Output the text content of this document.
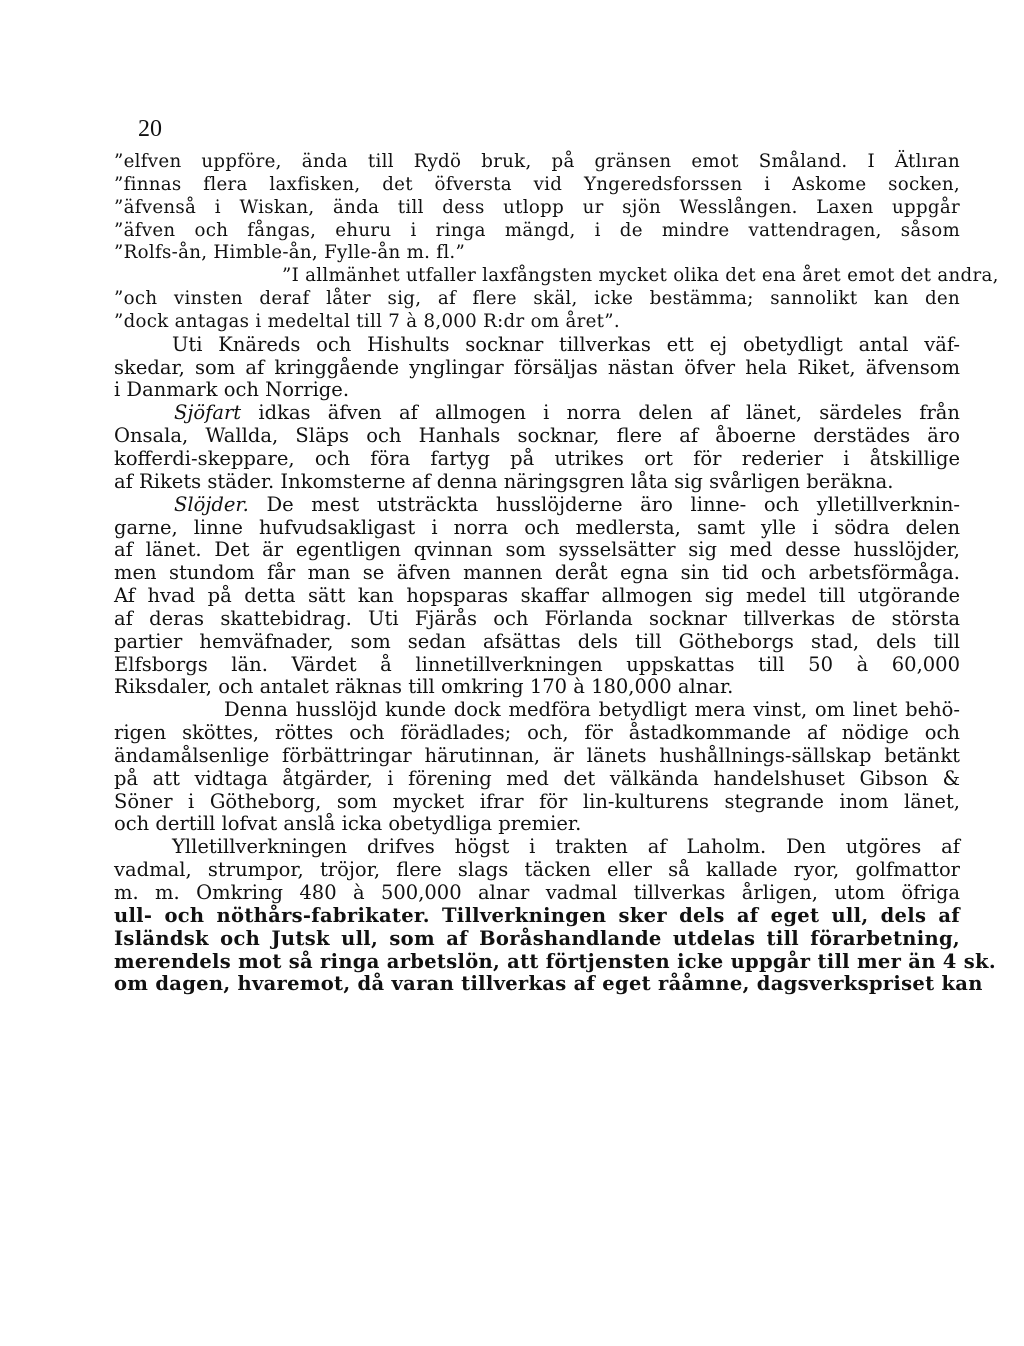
20
”elfven uppföre, ända till Rydö bruk, på gränsen emot Småland. I Ätlıran
”finnas flera laxfisken, det öfversta vid Yngeredsforssen i Askome socken,
”äfvenså i Wiskan, ända till dess utlopp ur sjön Wesslången. Laxen uppgår
”äfven och fångas, ehuru i ringa mängd, i de mindre vattendragen, såsom
”Rolfs-ån, Himble-ån, Fylle-ån m. fl.”
”I allmänhet utfaller laxfångsten mycket olika det ena året emot det andra,
”och vinsten deraf låter sig, af flere skäl, icke bestämma; sannolikt kan den
”dock antagas i medeltal till 7 à 8,000 R:dr om året”.
Uti Knäreds och Hishults socknar tillverkas ett ej obetydligt antal väf-
skedar, som af kringgående ynglingar försäljas nästan öfver hela Riket, äfvensom
i Danmark och Norrige.
Sjöfart idkas äfven af allmogen i norra delen af länet, särdeles från
Onsala, Wallda, Släps och Hanhals socknar, flere af åboerne derstädes äro
kofferdi-skeppare, och föra fartyg på utrikes ort för rederier i åtskillige
af Rikets städer. Inkomsterne af denna näringsgren låta sig svårligen beräkna.
Slöjder. De mest utsträckta husslöjderne äro linne- och ylletillverknin-
garne, linne hufvudsakligast i norra och medlersta, samt ylle i södra delen
af länet. Det är egentligen qvinnan som sysselsätter sig med desse husslöjder,
men stundom får man se äfven mannen deråt egna sin tid och arbetsförmåga.
Af hvad på detta sätt kan hopsparas skaffar allmogen sig medel till utgörande
af deras skattebidrag. Uti Fjärås och Förlanda socknar tillverkas de största
partier hemväfnader, som sedan afsättas dels till Götheborgs stad, dels till
Elfsborgs län. Värdet å linnetillverkningen uppskattas till 50 à 60,000
Riksdaler, och antalet räknas till omkring 170 à 180,000 alnar.
Denna husslöjd kunde dock medföra betydligt mera vinst, om linet behö-
rigen sköttes, röttes och förädlades; och, för åstadkommande af nödige och
ändamålsenlige förbättringar härutinnan, är länets hushållnings-sällskap betänkt
på att vidtaga åtgärder, i förening med det välkända handelshuset Gibson &
Söner i Götheborg, som mycket ifrar för lin-kulturens stegrande inom länet,
och dertill lofvat anslå icka obetydliga premier.
Ylletillverkningen drifves högst i trakten af Laholm. Den utgöres af
vadmal, strumpor, tröjor, flere slags täcken eller så kallade ryor, golfmattor
m. m. Omkring 480 à 500,000 alnar vadmal tillverkas årligen, utom öfriga
ull- och nöthårs-fabrikater. Tillverkningen sker dels af eget ull, dels af
Isländsk och Jutsk ull, som af Boråshandlande utdelas till förarbetning,
merendels mot så ringa arbetslön, att förtjensten icke uppgår till mer än 4 sk.
om dagen, hvaremot, då varan tillverkas af eget rååmne, dagsverkspriset kan
